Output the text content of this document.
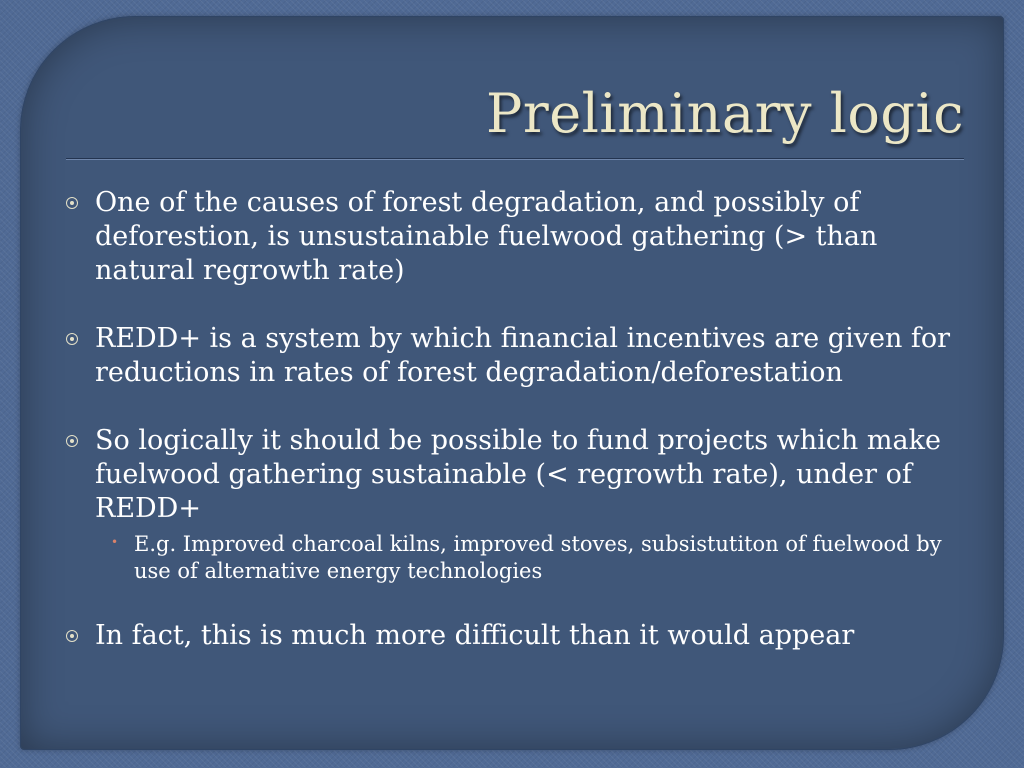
Preliminary logic
One of the causes of forest degradation, and possibly of deforestion, is unsustainable fuelwood gathering (> than natural regrowth rate)
REDD+ is a system by which financial incentives are given for reductions in rates of forest degradation/deforestation
So logically it should be possible to fund projects which make fuelwood gathering sustainable (< regrowth rate), under of REDD+
• E.g. Improved charcoal kilns, improved stoves, subsistutiton of fuelwood by use of alternative energy technologies
In fact, this is much more difficult than it would appear
